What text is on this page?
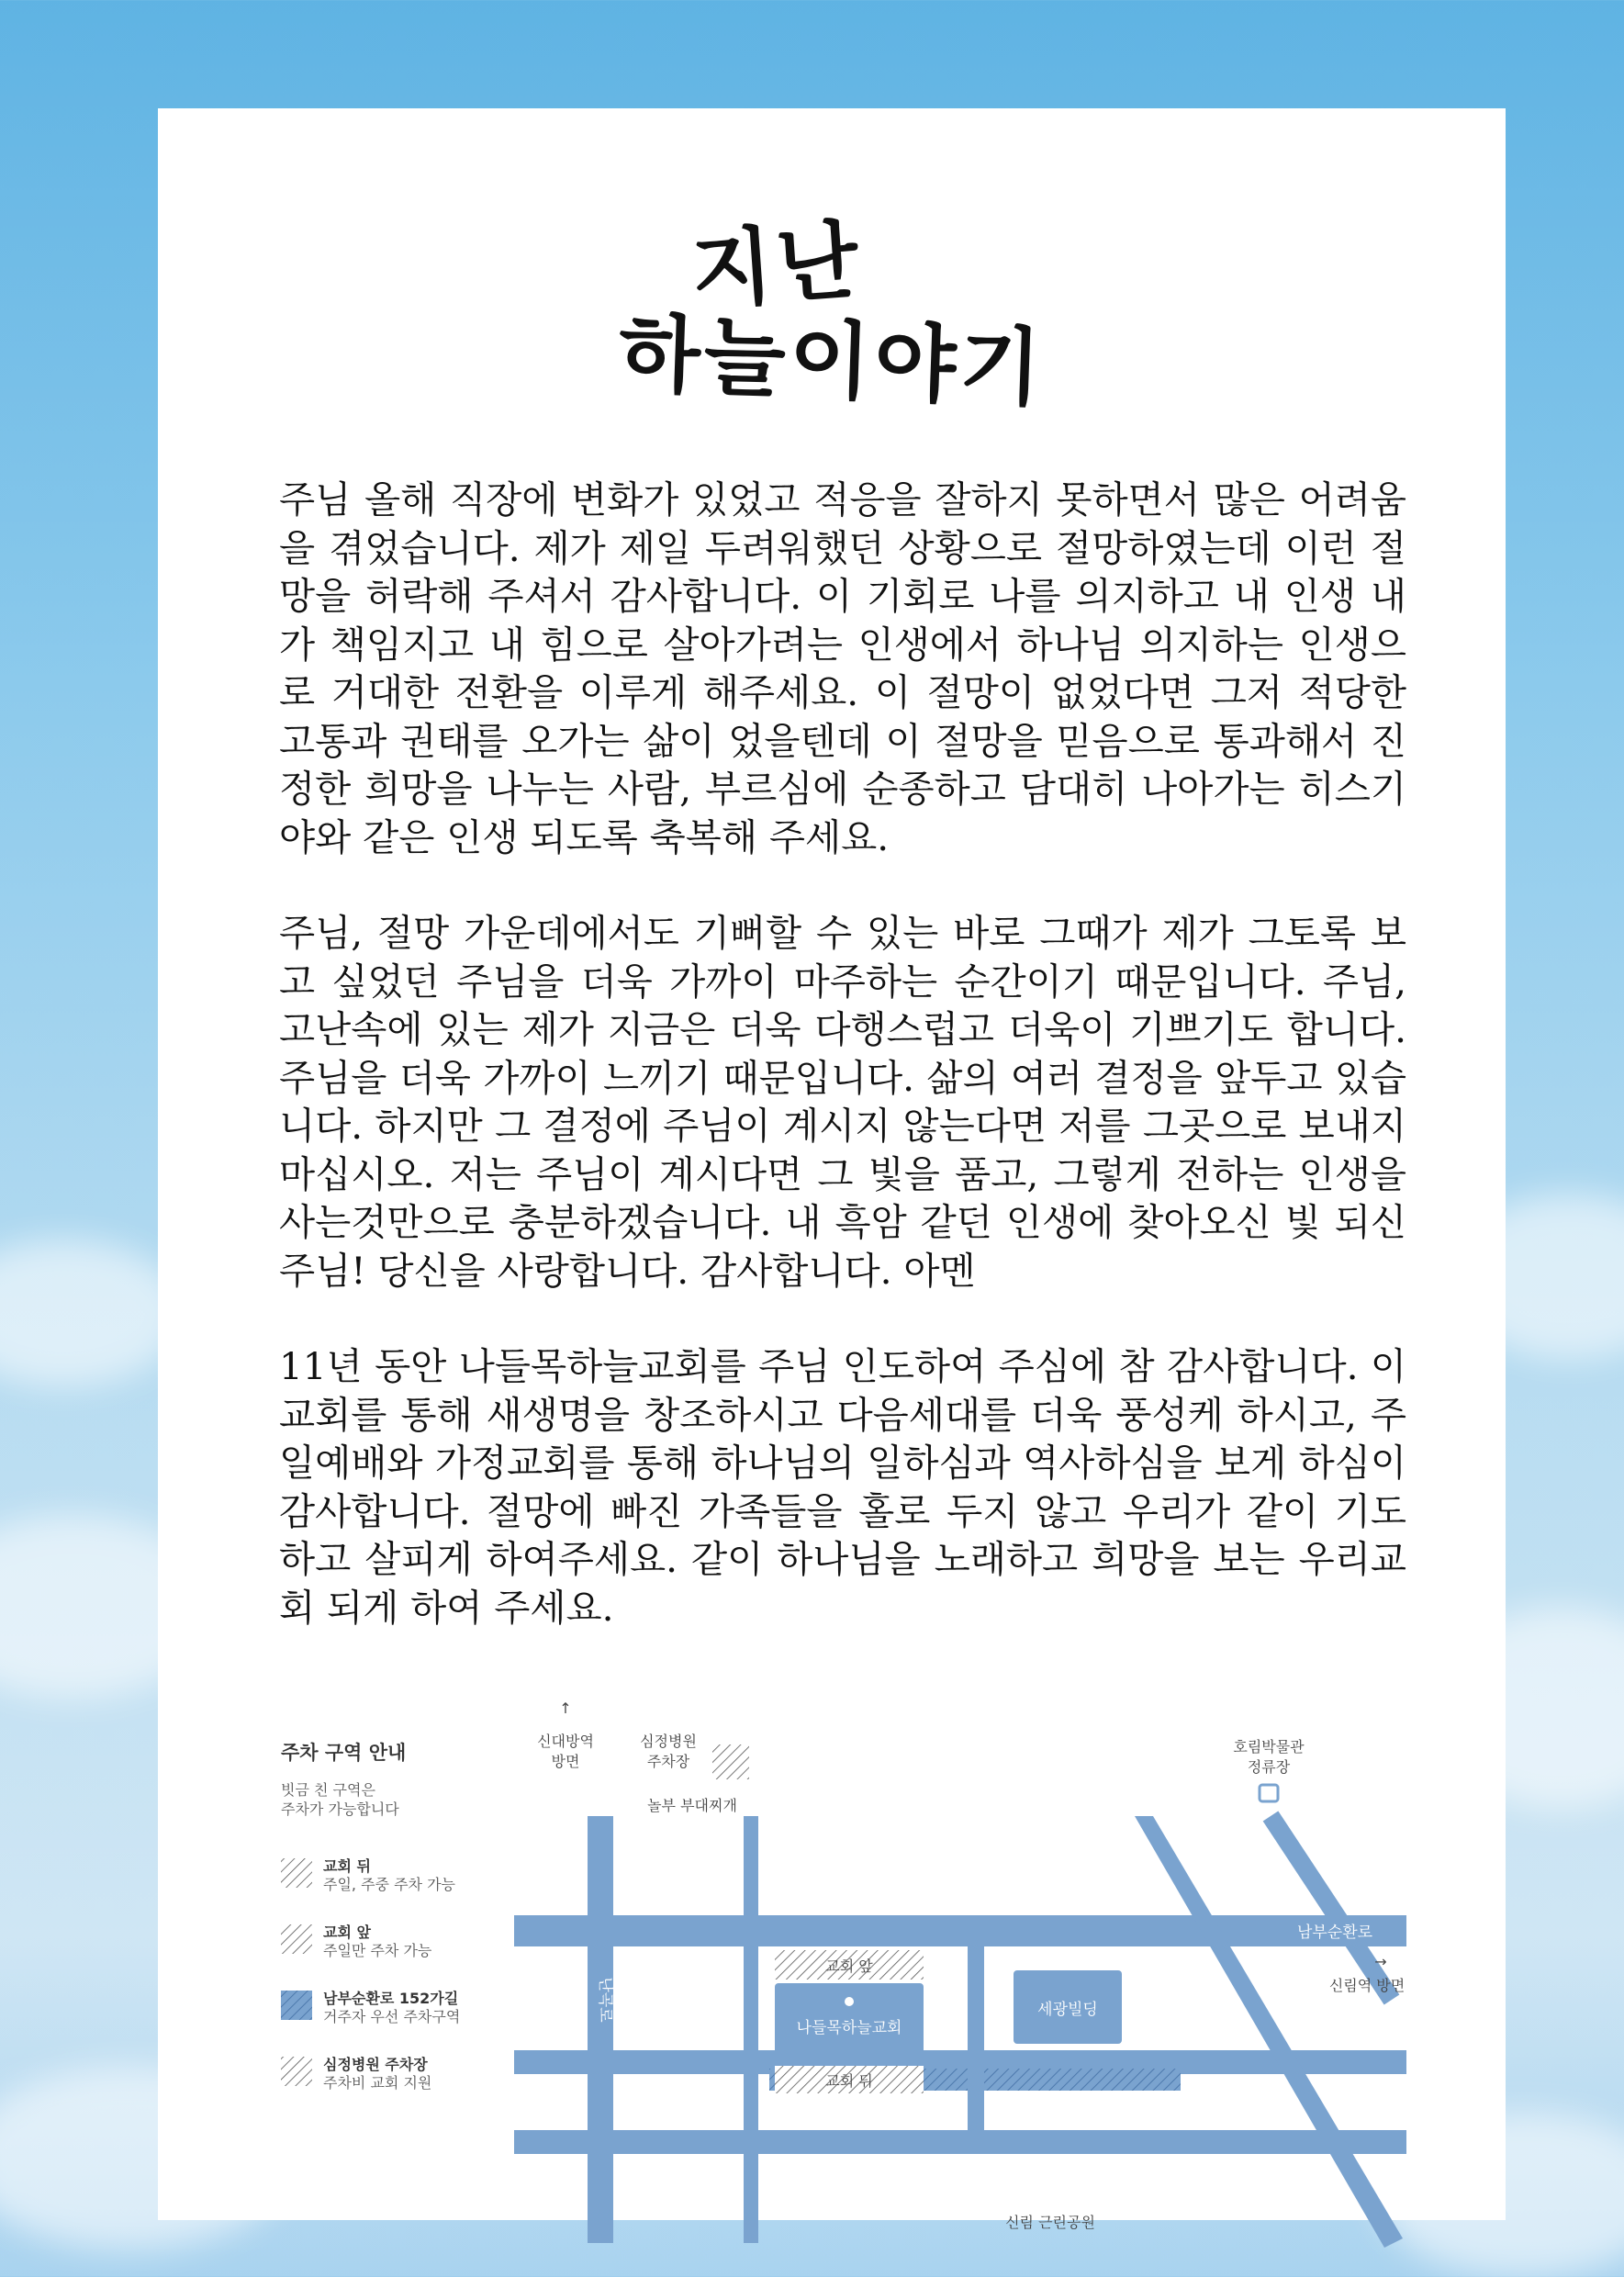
지난
하늘이야기

주님 올해 직장에 변화가 있었고 적응을 잘하지 못하면서 많은 어려움을 겪었습니다. 제가 제일 두려워했던 상황으로 절망하였는데 이런 절망을 허락해 주셔서 감사합니다. 이 기회로 나를 의지하고 내 인생 내가 책임지고 내 힘으로 살아가려는 인생에서 하나님 의지하는 인생으로 거대한 전환을 이루게 해주세요. 이 절망이 없었다면 그저 적당한 고통과 권태를 오가는 삶이 었을텐데 이 절망을 믿음으로 통과해서 진정한 희망을 나누는 사람, 부르심에 순종하고 담대히 나아가는 히스기야와 같은 인생 되도록 축복해 주세요.

주님, 절망 가운데에서도 기뻐할 수 있는 바로 그때가 제가 그토록 보고 싶었던 주님을 더욱 가까이 마주하는 순간이기 때문입니다. 주님, 고난속에 있는 제가 지금은 더욱 다행스럽고 더욱이 기쁘기도 합니다. 주님을 더욱 가까이 느끼기 때문입니다. 삶의 여러 결정을 앞두고 있습니다. 하지만 그 결정에 주님이 계시지 않는다면 저를 그곳으로 보내지 마십시오. 저는 주님이 계시다면 그 빛을 품고, 그렇게 전하는 인생을 사는것만으로 충분하겠습니다. 내 흑암 같던 인생에 찾아오신 빛 되신 주님! 당신을 사랑합니다. 감사합니다. 아멘

11년 동안 나들목하늘교회를 주님 인도하여 주심에 참 감사합니다. 이 교회를 통해 새생명을 창조하시고 다음세대를 더욱 풍성케 하시고, 주일예배와 가정교회를 통해 하나님의 일하심과 역사하심을 보게 하심이 감사합니다. 절망에 빠진 가족들을 홀로 두지 않고 우리가 같이 기도 하고 살피게 하여주세요. 같이 하나님을 노래하고 희망을 보는 우리교회 되게 하여 주세요.

주차 구역 안내
빗금 친 구역은
주차가 가능합니다
교회 뒤
주일, 주중 주차 가능
교회 앞
주일만 주차 가능
남부순환로 152가길
거주자 우선 주차구역
심정병원 주차장
주차비 교회 지원
교회 앞
나들목하늘교회
교회 뒤
세광빌딩
↑
신대방역
방면
심정병원
주차장
놀부 부대찌개
호림박물관
정류장
남부순환로
→
신림역 방면
난곡로
신림 근린공원
